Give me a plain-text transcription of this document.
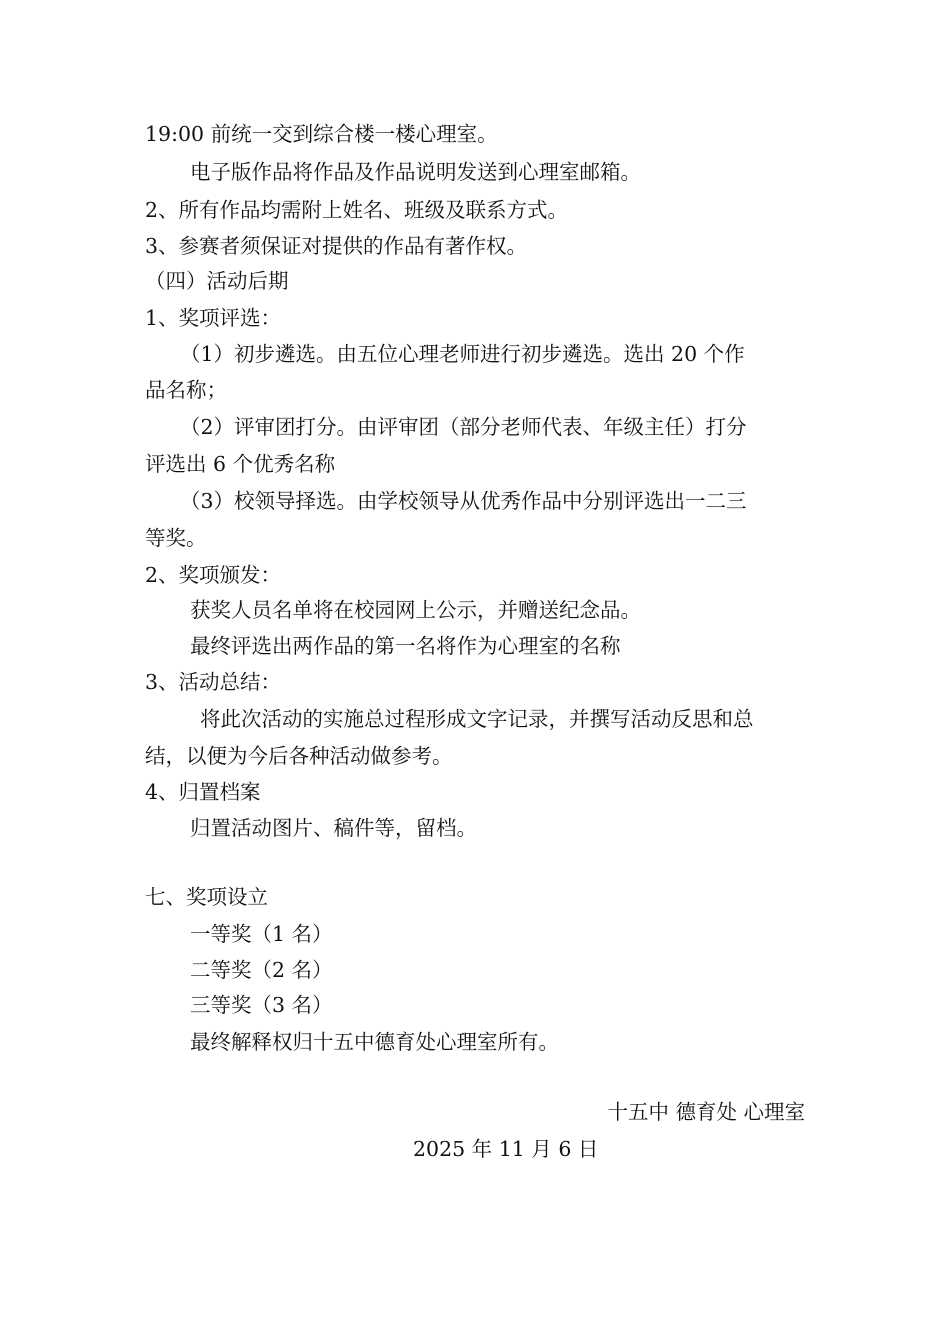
19:00 前统一交到综合楼一楼心理室。
电子版作品将作品及作品说明发送到心理室邮箱。
2、所有作品均需附上姓名、班级及联系方式。
3、参赛者须保证对提供的作品有著作权。
（四）活动后期
1、奖项评选：
（1）初步遴选。由五位心理老师进行初步遴选。选出 20 个作
品名称；
（2）评审团打分。由评审团（部分老师代表、年级主任）打分
评选出 6 个优秀名称
（3）校领导择选。由学校领导从优秀作品中分别评选出一二三
等奖。
2、奖项颁发：
获奖人员名单将在校园网上公示，并赠送纪念品。
最终评选出两作品的第一名将作为心理室的名称
3、活动总结：
将此次活动的实施总过程形成文字记录，并撰写活动反思和总
结，以便为今后各种活动做参考。
4、归置档案
归置活动图片、稿件等，留档。
七、奖项设立
一等奖（1 名）
二等奖（2 名）
三等奖（3 名）
最终解释权归十五中德育处心理室所有。
十五中 德育处 心理室
2025 年 11 月 6 日
